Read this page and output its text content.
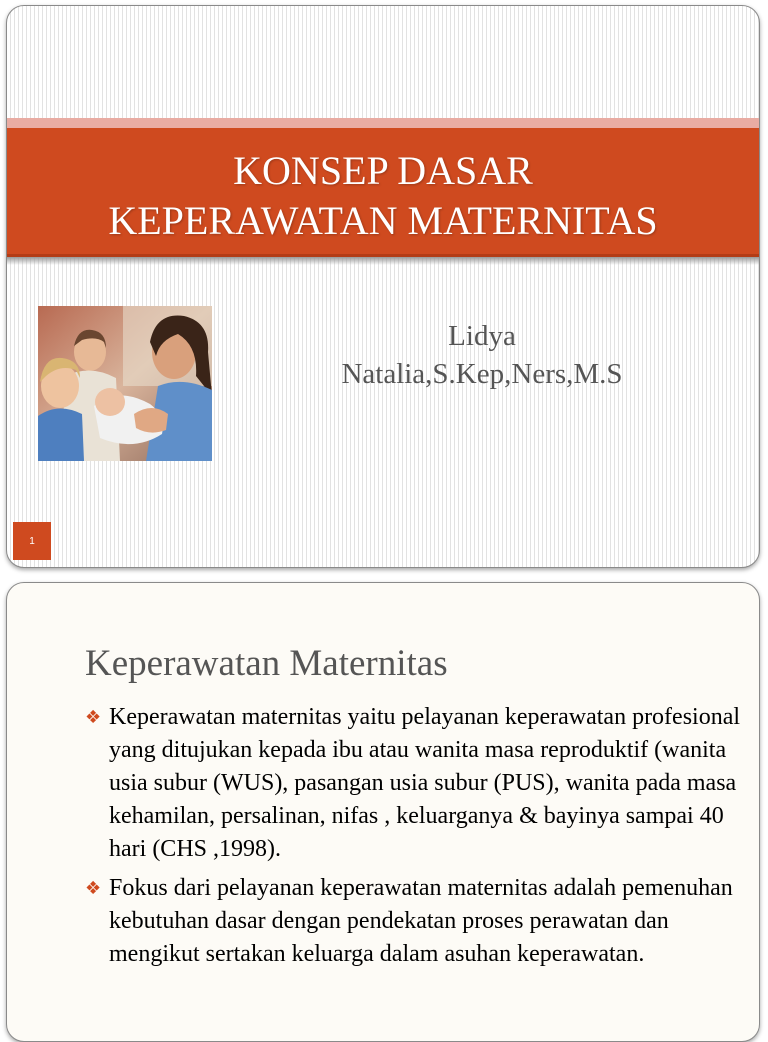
KONSEP DASAR
KEPERAWATAN MATERNITAS
Lidya
Natalia,S.Kep,Ners,M.S
1
Keperawatan Maternitas
❖ Keperawatan maternitas yaitu pelayanan keperawatan profesional yang ditujukan kepada ibu atau wanita masa reproduktif (wanita usia subur (WUS), pasangan usia subur (PUS), wanita pada masa kehamilan, persalinan, nifas , keluarganya & bayinya sampai 40 hari (CHS ,1998).
❖ Fokus dari pelayanan keperawatan maternitas adalah pemenuhan kebutuhan dasar dengan pendekatan proses perawatan dan mengikut sertakan keluarga dalam asuhan keperawatan.
